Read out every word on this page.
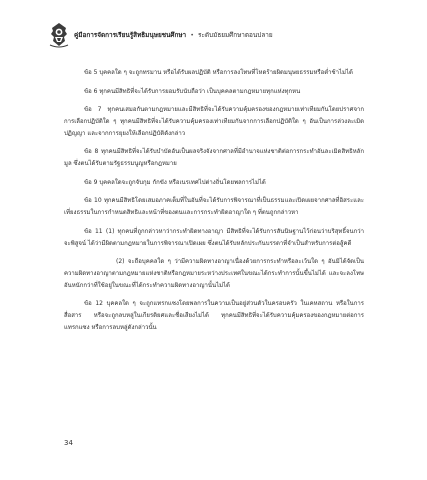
คู่มือการจัดการเรียนรู้สิทธิมนุษยชนศึกษา • ระดับมัธยมศึกษาตอนปลาย

ข้อ 5 บุคคลใด ๆ จะถูกทรมาน หรือได้รับผลปฏิบัติ หรือการลงโทษที่โหดร้ายผิดมนุษยธรรมหรือต่ำช้าไม่ได้

ข้อ 6 ทุกคนมีสิทธิที่จะได้รับการยอมรับนับถือว่า เป็นบุคคลตามกฎหมายทุกแห่งทุกหน

ข้อ 7 ทุกคนเสมอกันตามกฎหมายและมีสิทธิที่จะได้รับความคุ้มครองของกฎหมายเท่าเทียมกันโดยปราศจากการเลือกปฏิบัติใด ๆ ทุกคนมีสิทธิที่จะได้รับความคุ้มครองเท่าเทียมกันจากการเลือกปฏิบัติใด ๆ อันเป็นการล่วงละเมิดปฏิญญา และจากการยุยงให้เลือกปฏิบัติดังกล่าว

ข้อ 8 ทุกคนมีสิทธิที่จะได้รับบำบัดอันเป็นผลจริงจังจากศาลที่มีอำนาจแห่งชาติต่อการกระทำอันละเมิดสิทธิหลักมูล ซึ่งตนได้รับตามรัฐธรรมนูญหรือกฎหมาย

ข้อ 9 บุคคลใดจะถูกจับกุม กักขัง หรือเนรเทศไปต่างถิ่นโดยพลการไม่ได้

ข้อ 10 ทุกคนมีสิทธิโดยเสมอภาคเต็มที่ในอันที่จะได้รับการพิจารณาที่เป็นธรรมและเปิดเผยจากศาลที่อิสระและเที่ยงธรรมในการกำหนดสิทธิและหน้าที่ของตนและการกระทำผิดอาญาใด ๆ ที่ตนถูกกล่าวหา

ข้อ 11 (1) ทุกคนที่ถูกกล่าวหาว่ากระทำผิดทางอาญา มีสิทธิที่จะได้รับการสันนิษฐานไว้ก่อนว่าบริสุทธิ์จนกว่าจะพิสูจน์ ได้ว่ามีผิดตามกฎหมายในการพิจารณาเปิดเผย ซึ่งตนได้รับหลักประกันบรรดาที่จำเป็นสำหรับการต่อสู้คดี

(2) จะถือบุคคลใด ๆ ว่ามีความผิดทางอาญาเนื่องด้วยการกระทำหรือละเว้นใด ๆ อันมิได้จัดเป็นความผิดทางอาญาตามกฎหมายแห่งชาติหรือกฎหมายระหว่างประเทศในขณะได้กระทำการนั้นขึ้นไม่ได้ และจะลงโทษอันหนักกว่าที่ใช้อยู่ในขณะที่ได้กระทำความผิดทางอาญานั้นไม่ได้

ข้อ 12 บุคคลใด ๆ จะถูกแทรกแซงโดยพลการในความเป็นอยู่ส่วนตัวในครอบครัว ในเคหสถาน หรือในการสื่อสาร หรือจะถูกลบหลู่ในเกียรติยศและชื่อเสียงไม่ได้ ทุกคนมีสิทธิที่จะได้รับความคุ้มครองของกฎหมายต่อการแทรกแซง หรือการลบหลู่ดังกล่าวนั้น

34
